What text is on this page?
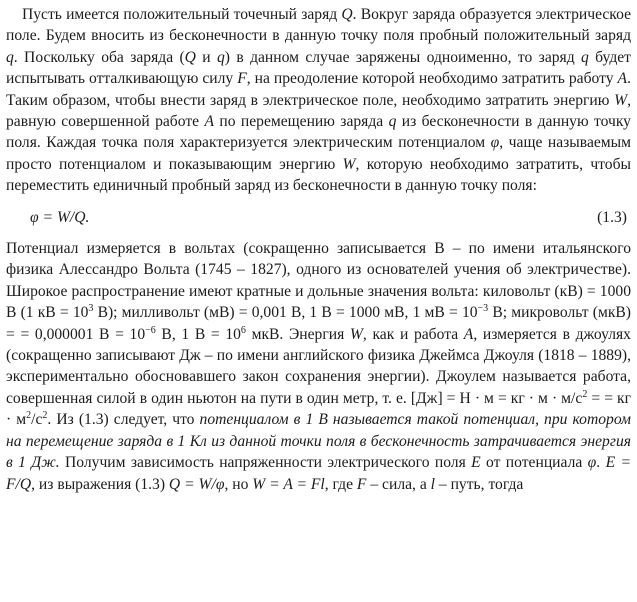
Пусть имеется положительный точечный заряд Q. Вокруг заряда образуется электрическое поле. Будем вносить из бесконечности в данную точку поля пробный положительный заряд q. Поскольку оба заряда (Q и q) в данном случае заряжены одноименно, то заряд q будет испытывать отталкивающую силу F, на преодоление которой необходимо затратить работу A. Таким образом, чтобы внести заряд в электрическое поле, необходимо затратить энергию W, равную совершенной работе A по перемещению заряда q из бесконечности в данную точку поля. Каждая точка поля характеризуется электрическим потенциалом φ, чаще называемым просто потенциалом и показывающим энергию W, которую необходимо затратить, чтобы переместить единичный пробный заряд из бесконечности в данную точку поля:

φ = W/Q.	(1.3)

Потенциал измеряется в вольтах (сокращенно записывается В – по имени итальянского физика Алессандро Вольта (1745 – 1827), одного из основателей учения об электричестве). Широкое распространение имеют кратные и дольные значения вольта: киловольт (кВ) = 1000 В (1 кВ = $10^3$ В); милливольт (мВ) = 0,001 В, 1 В = 1000 мВ, 1 мВ = $10^{-3}$ В; микровольт (мкВ) = = 0,000001 $В = 10^{-6}$ В, 1 $В = 10^6$ мкВ. Энергия W, как и работа A, измеряется в джоулях (сокращенно записывают Дж – по имени английского физика Джеймса Джоуля (1818 – 1889), экспериментально обосновавшего закон сохранения энергии). Джоулем называется работа, совершенная силой в один ньютон на пути в один метр, т. е. [Дж] = Н · м = кг · $м \cdot м/с^2$ = = кг · $м^2/с^2$. Из (1.3) следует, что потенциалом в 1 В называется такой потенциал, при котором на перемещение заряда в 1 Кл из данной точки поля в бесконечность затрачивается энергия в 1 Дж. Получим зависимость напряженности электрического поля E от потенциала φ. E = F/Q, из выражения (1.3) Q = W/φ, но W = A = Fl, где F – сила, а l – путь, тогда
